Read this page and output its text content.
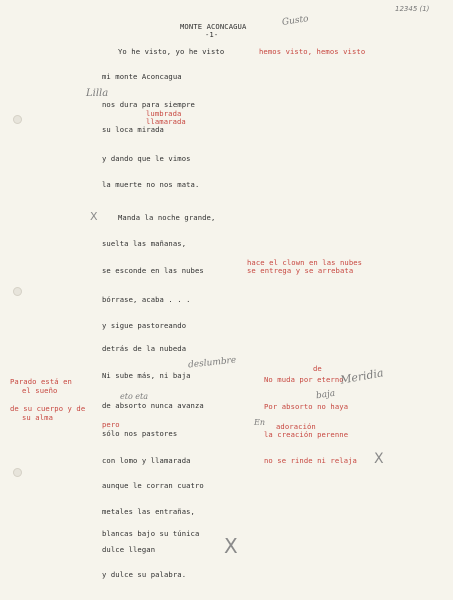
12345 (1)
MONTE ACONCAGUA
-1-
Gusto
Yo he visto, yo he visto	hemos visto, hemos visto
mi monte Aconcagua
Lilla
nos dura para siempre
lumbrada
llamarada
su loca mirada
y dando que le vimos
la muerte no nos mata.
X	Manda la noche grande,
suelta las mañanas,
hace el clown en las nubes
se entrega y se arrebata
se esconde en las nubes
bórrase, acaba . . .
y sigue pastoreando
detrás de la nubeda
deslumbre
Parado está en
el sueño
de su cuerpo y de
su alma
Ni sube más, ni baja
de
No muda por eterno
Meridia
eto eta
de absorto nunca avanza	Por absorto no haya
baja
pero
sólo nos pastores
En adoración
la creación perenne
con lomo y llamarada	no se rinde ni relaja X
aunque le corran cuatro
metales las entrañas,
blancas bajo su túnica
X
dulce llegan
y dulce su palabra.
